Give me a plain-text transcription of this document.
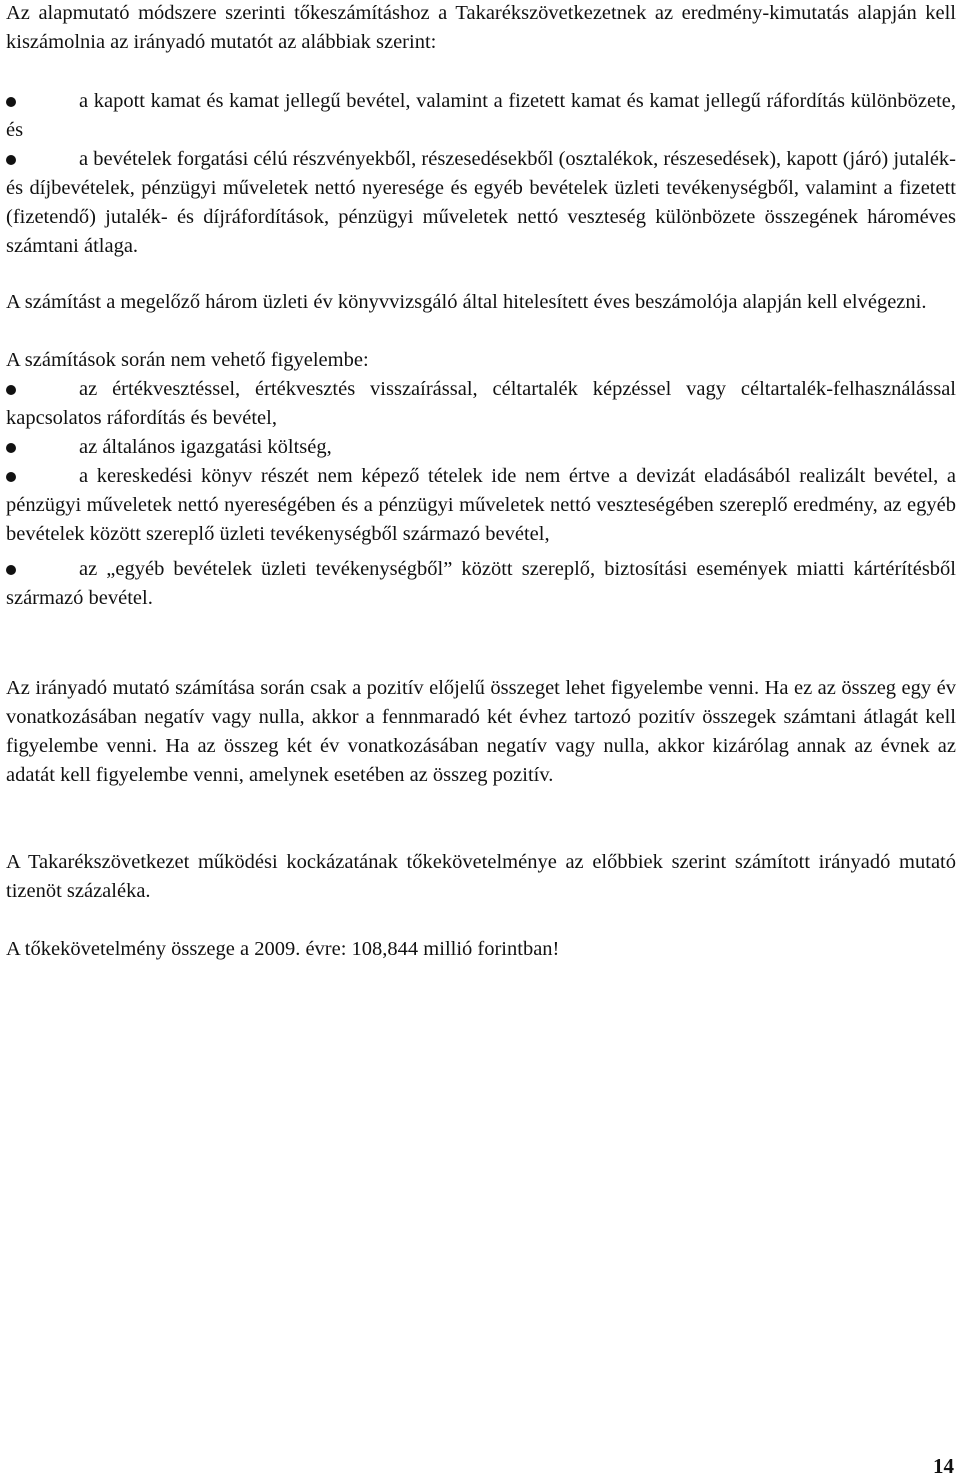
Az alapmutató módszere szerinti tőkeszámításhoz a Takarékszövetkezetnek az eredmény-kimutatás alapján kell kiszámolnia az irányadó mutatót az alábbiak szerint:

a kapott kamat és kamat jellegű bevétel, valamint a fizetett kamat és kamat jellegű ráfordítás különbözete, és
a bevételek forgatási célú részvényekből, részesedésekből (osztalékok, részesedések), kapott (járó) jutalék- és díjbevételek, pénzügyi műveletek nettó nyeresége és egyéb bevételek üzleti tevékenységből, valamint a fizetett (fizetendő) jutalék- és díjráfordítások, pénzügyi műveletek nettó veszteség különbözete összegének hároméves számtani átlaga.

A számítást a megelőző három üzleti év könyvvizsgáló által hitelesített éves beszámolója alapján kell elvégezni.

A számítások során nem vehető figyelembe:

az értékvesztéssel, értékvesztés visszaírással, céltartalék képzéssel vagy céltartalék-felhasználással kapcsolatos ráfordítás és bevétel,
az általános igazgatási költség,
a kereskedési könyv részét nem képező tételek ide nem értve a devizát eladásából realizált bevétel, a pénzügyi műveletek nettó nyereségében és a pénzügyi műveletek nettó veszteségében szereplő eredmény, az egyéb bevételek között szereplő üzleti tevékenységből származó bevétel,
az „egyéb bevételek üzleti tevékenységből” között szereplő, biztosítási események miatti kártérítésből származó bevétel.

Az irányadó mutató számítása során csak a pozitív előjelű összeget lehet figyelembe venni. Ha ez az összeg egy év vonatkozásában negatív vagy nulla, akkor a fennmaradó két évhez tartozó pozitív összegek számtani átlagát kell figyelembe venni. Ha az összeg két év vonatkozásában negatív vagy nulla, akkor kizárólag annak az évnek az adatát kell figyelembe venni, amelynek esetében az összeg pozitív.

A Takarékszövetkezet működési kockázatának tőkekövetelménye az előbbiek szerint számított irányadó mutató tizenöt százaléka.

A tőkekövetelmény összege a 2009. évre: 108,844 millió forintban!

14
